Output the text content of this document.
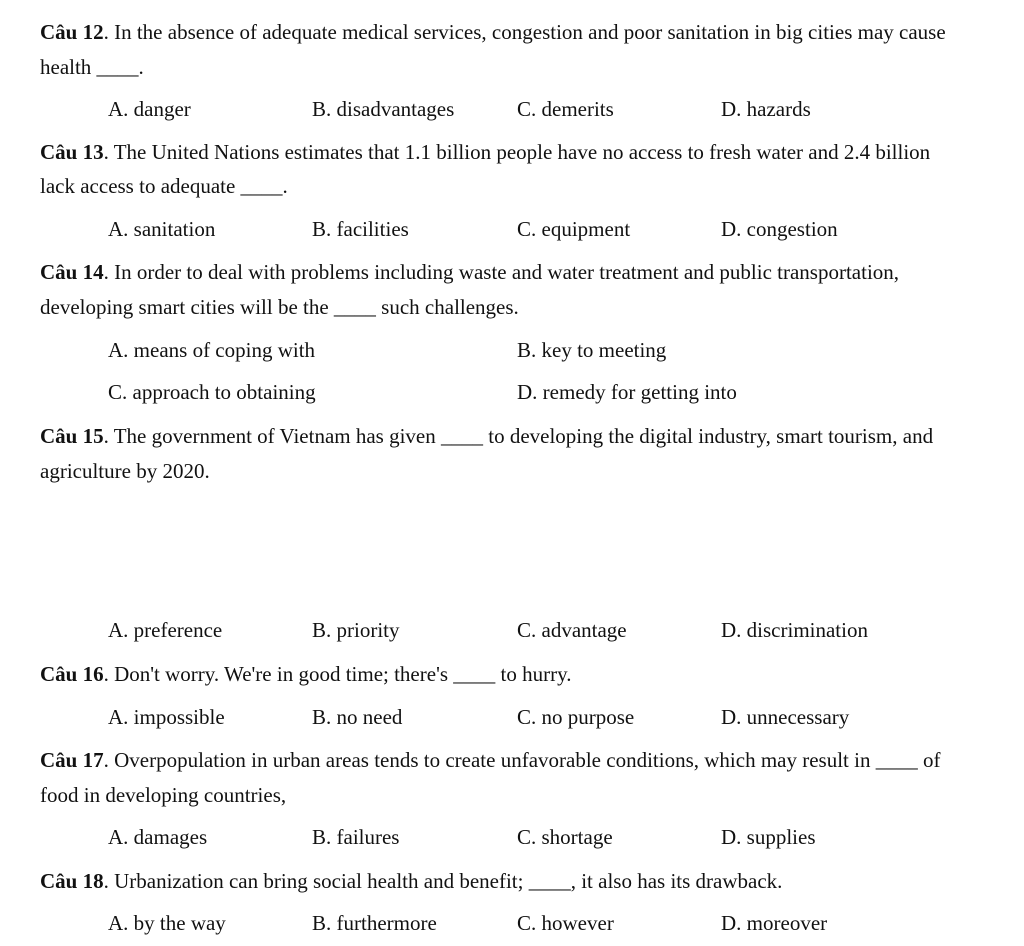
Câu 12. In the absence of adequate medical services, congestion and poor sanitation in big cities may cause
health ____.
A. danger	B. disadvantages	C. demerits	D. hazards
Câu 13. The United Nations estimates that 1.1 billion people have no access to fresh water and 2.4 billion
lack access to adequate ____.
A. sanitation	B. facilities	C. equipment	D. congestion
Câu 14. In order to deal with problems including waste and water treatment and public transportation,
developing smart cities will be the ____ such challenges.
A. means of coping with	B. key to meeting
C. approach to obtaining	D. remedy for getting into
Câu 15. The government of Vietnam has given ____ to developing the digital industry, smart tourism, and
agriculture by 2020.
A. preference	B. priority	C. advantage	D. discrimination
Câu 16. Don't worry. We're in good time; there's ____ to hurry.
A. impossible	B. no need	C. no purpose	D. unnecessary
Câu 17. Overpopulation in urban areas tends to create unfavorable conditions, which may result in ____ of
food in developing countries,
A. damages	B. failures	C. shortage	D. supplies
Câu 18. Urbanization can bring social health and benefit; ____, it also has its drawback.
A. by the way	B. furthermore	C. however	D. moreover
